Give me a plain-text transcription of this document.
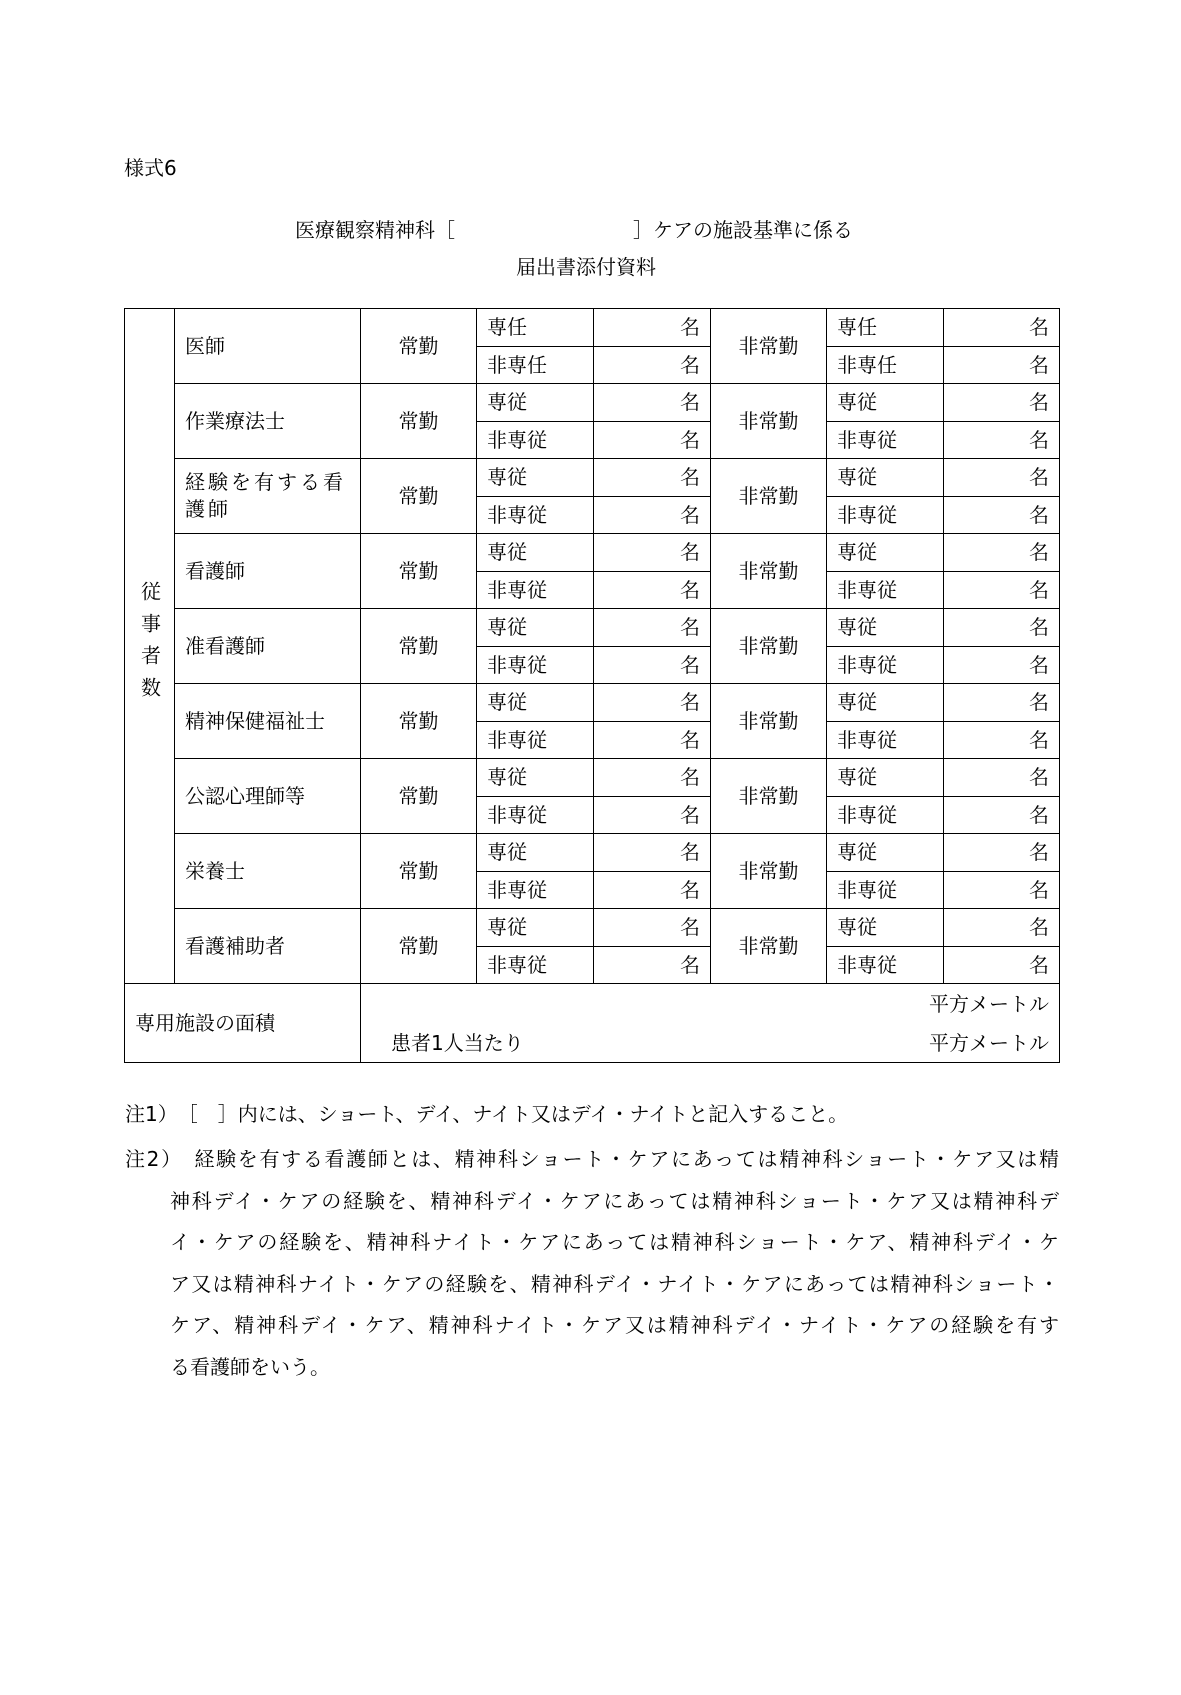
様式6
医療観察精神科［	］ケアの施設基準に係る
届出書添付資料
従事者数	医師	常勤	専任	名	非常勤	専任	名
			非専任	名		非専任	名
	作業療法士	常勤	専従	名	非常勤	専従	名
			非専従	名		非専従	名
	経験を有する看護師	常勤	専従	名	非常勤	専従	名
			非専従	名		非専従	名
	看護師	常勤	専従	名	非常勤	専従	名
			非専従	名		非専従	名
	准看護師	常勤	専従	名	非常勤	専従	名
			非専従	名		非専従	名
	精神保健福祉士	常勤	専従	名	非常勤	専従	名
			非専従	名		非専従	名
	公認心理師等	常勤	専従	名	非常勤	専従	名
			非専従	名		非専従	名
	栄養士	常勤	専従	名	非常勤	専従	名
			非専従	名		非専従	名
	看護補助者	常勤	専従	名	非常勤	専従	名
			非専従	名		非専従	名
専用施設の面積		平方メートル
患者1人当たり 平方メートル					
注1）　［　］内には、ショート、デイ、ナイト又はデイ・ナイトと記入すること。
注2）　経験を有する看護師とは、精神科ショート・ケアにあっては精神科ショート・ケア又は精
神科デイ・ケアの経験を、精神科デイ・ケアにあっては精神科ショート・ケア又は精神科デ
イ・ケアの経験を、精神科ナイト・ケアにあっては精神科ショート・ケア、精神科デイ・ケ
ア又は精神科ナイト・ケアの経験を、精神科デイ・ナイト・ケアにあっては精神科ショート・
ケア、精神科デイ・ケア、精神科ナイト・ケア又は精神科デイ・ナイト・ケアの経験を有す
る看護師をいう。
